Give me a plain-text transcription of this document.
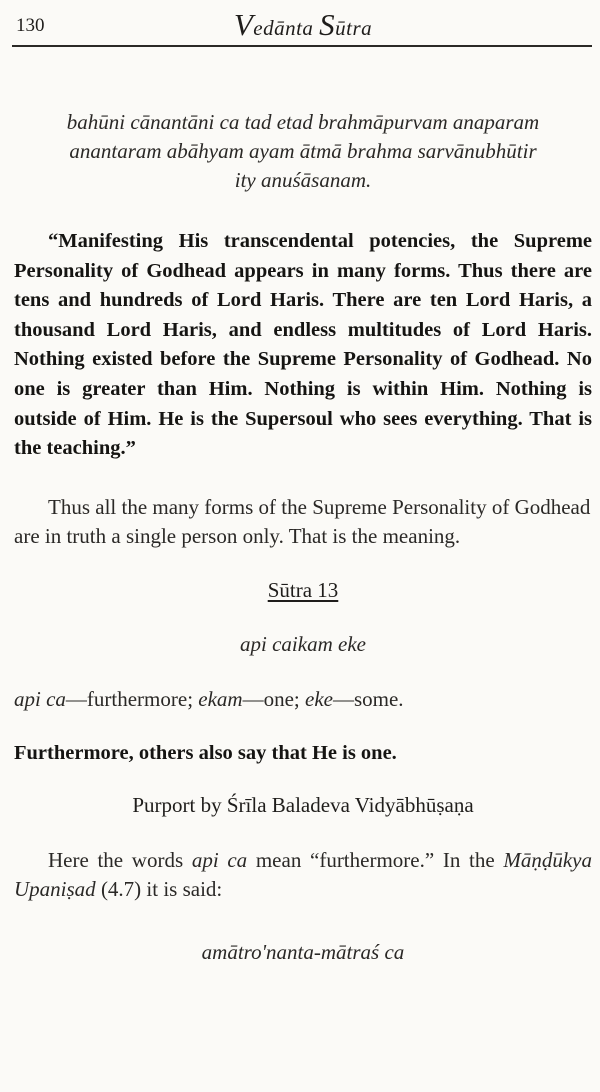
130	Vedānta Sūtra
bahūni cānantāni ca tad etad brahmāpurvam anaparam
anantaram abāhyam ayam ātmā brahma sarvānubhūtir
ity anuśāsanam.

“Manifesting His transcendental potencies, the Supreme Personality of Godhead appears in many forms. Thus there are tens and hundreds of Lord Haris. There are ten Lord Haris, a thousand Lord Haris, and endless multitudes of Lord Haris. Nothing existed before the Supreme Personality of Godhead. No one is greater than Him. Nothing is within Him. Nothing is outside of Him. He is the Supersoul who sees everything. That is the teaching.”

Thus all the many forms of the Supreme Personality of Godhead are in truth a single person only. That is the meaning.

Sūtra 13
api caikam eke
api ca—furthermore; ekam—one; eke—some.
Furthermore, others also say that He is one.
Purport by Śrīla Baladeva Vidyābhūṣaṇa

Here the words api ca mean “furthermore.” In the Māṇḍūkya Upaniṣad (4.7) it is said:

amātro'nanta-mātraś ca
